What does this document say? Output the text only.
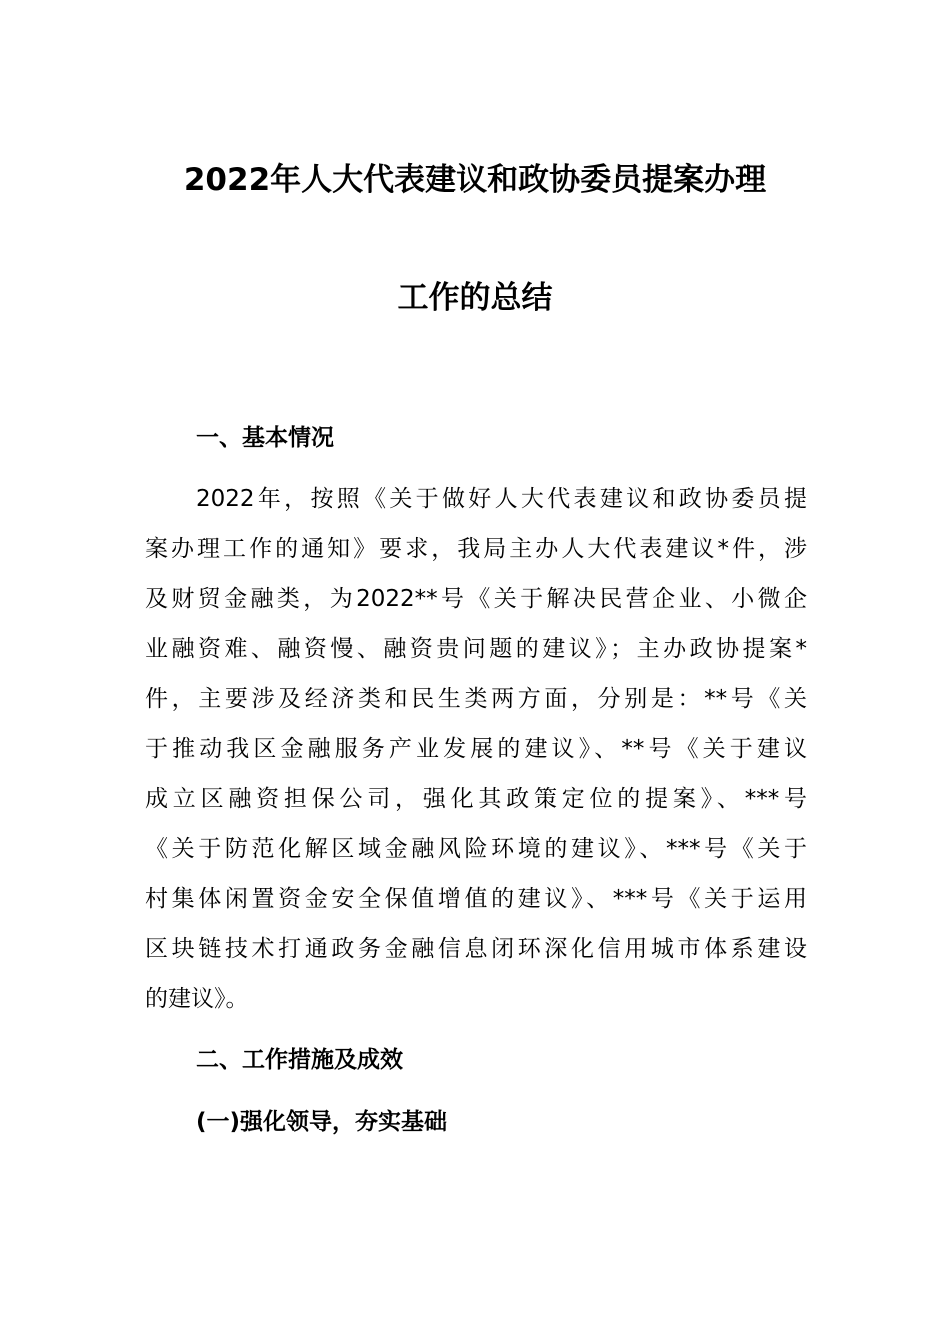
2022年人大代表建议和政协委员提案办理
工作的总结
一、基本情况
2022年，按照《关于做好人大代表建议和政协委员提
案办理工作的通知》要求，我局主办人大代表建议*件，涉
及财贸金融类，为2022**号《关于解决民营企业、小微企
业融资难、融资慢、融资贵问题的建议》；主办政协提案*
件，主要涉及经济类和民生类两方面，分别是：**号《关
于推动我区金融服务产业发展的建议》、**号《关于建议
成立区融资担保公司，强化其政策定位的提案》、***号
《关于防范化解区域金融风险环境的建议》、***号《关于
村集体闲置资金安全保值增值的建议》、***号《关于运用
区块链技术打通政务金融信息闭环深化信用城市体系建设
的建议》。
二、工作措施及成效
(一)强化领导，夯实基础
